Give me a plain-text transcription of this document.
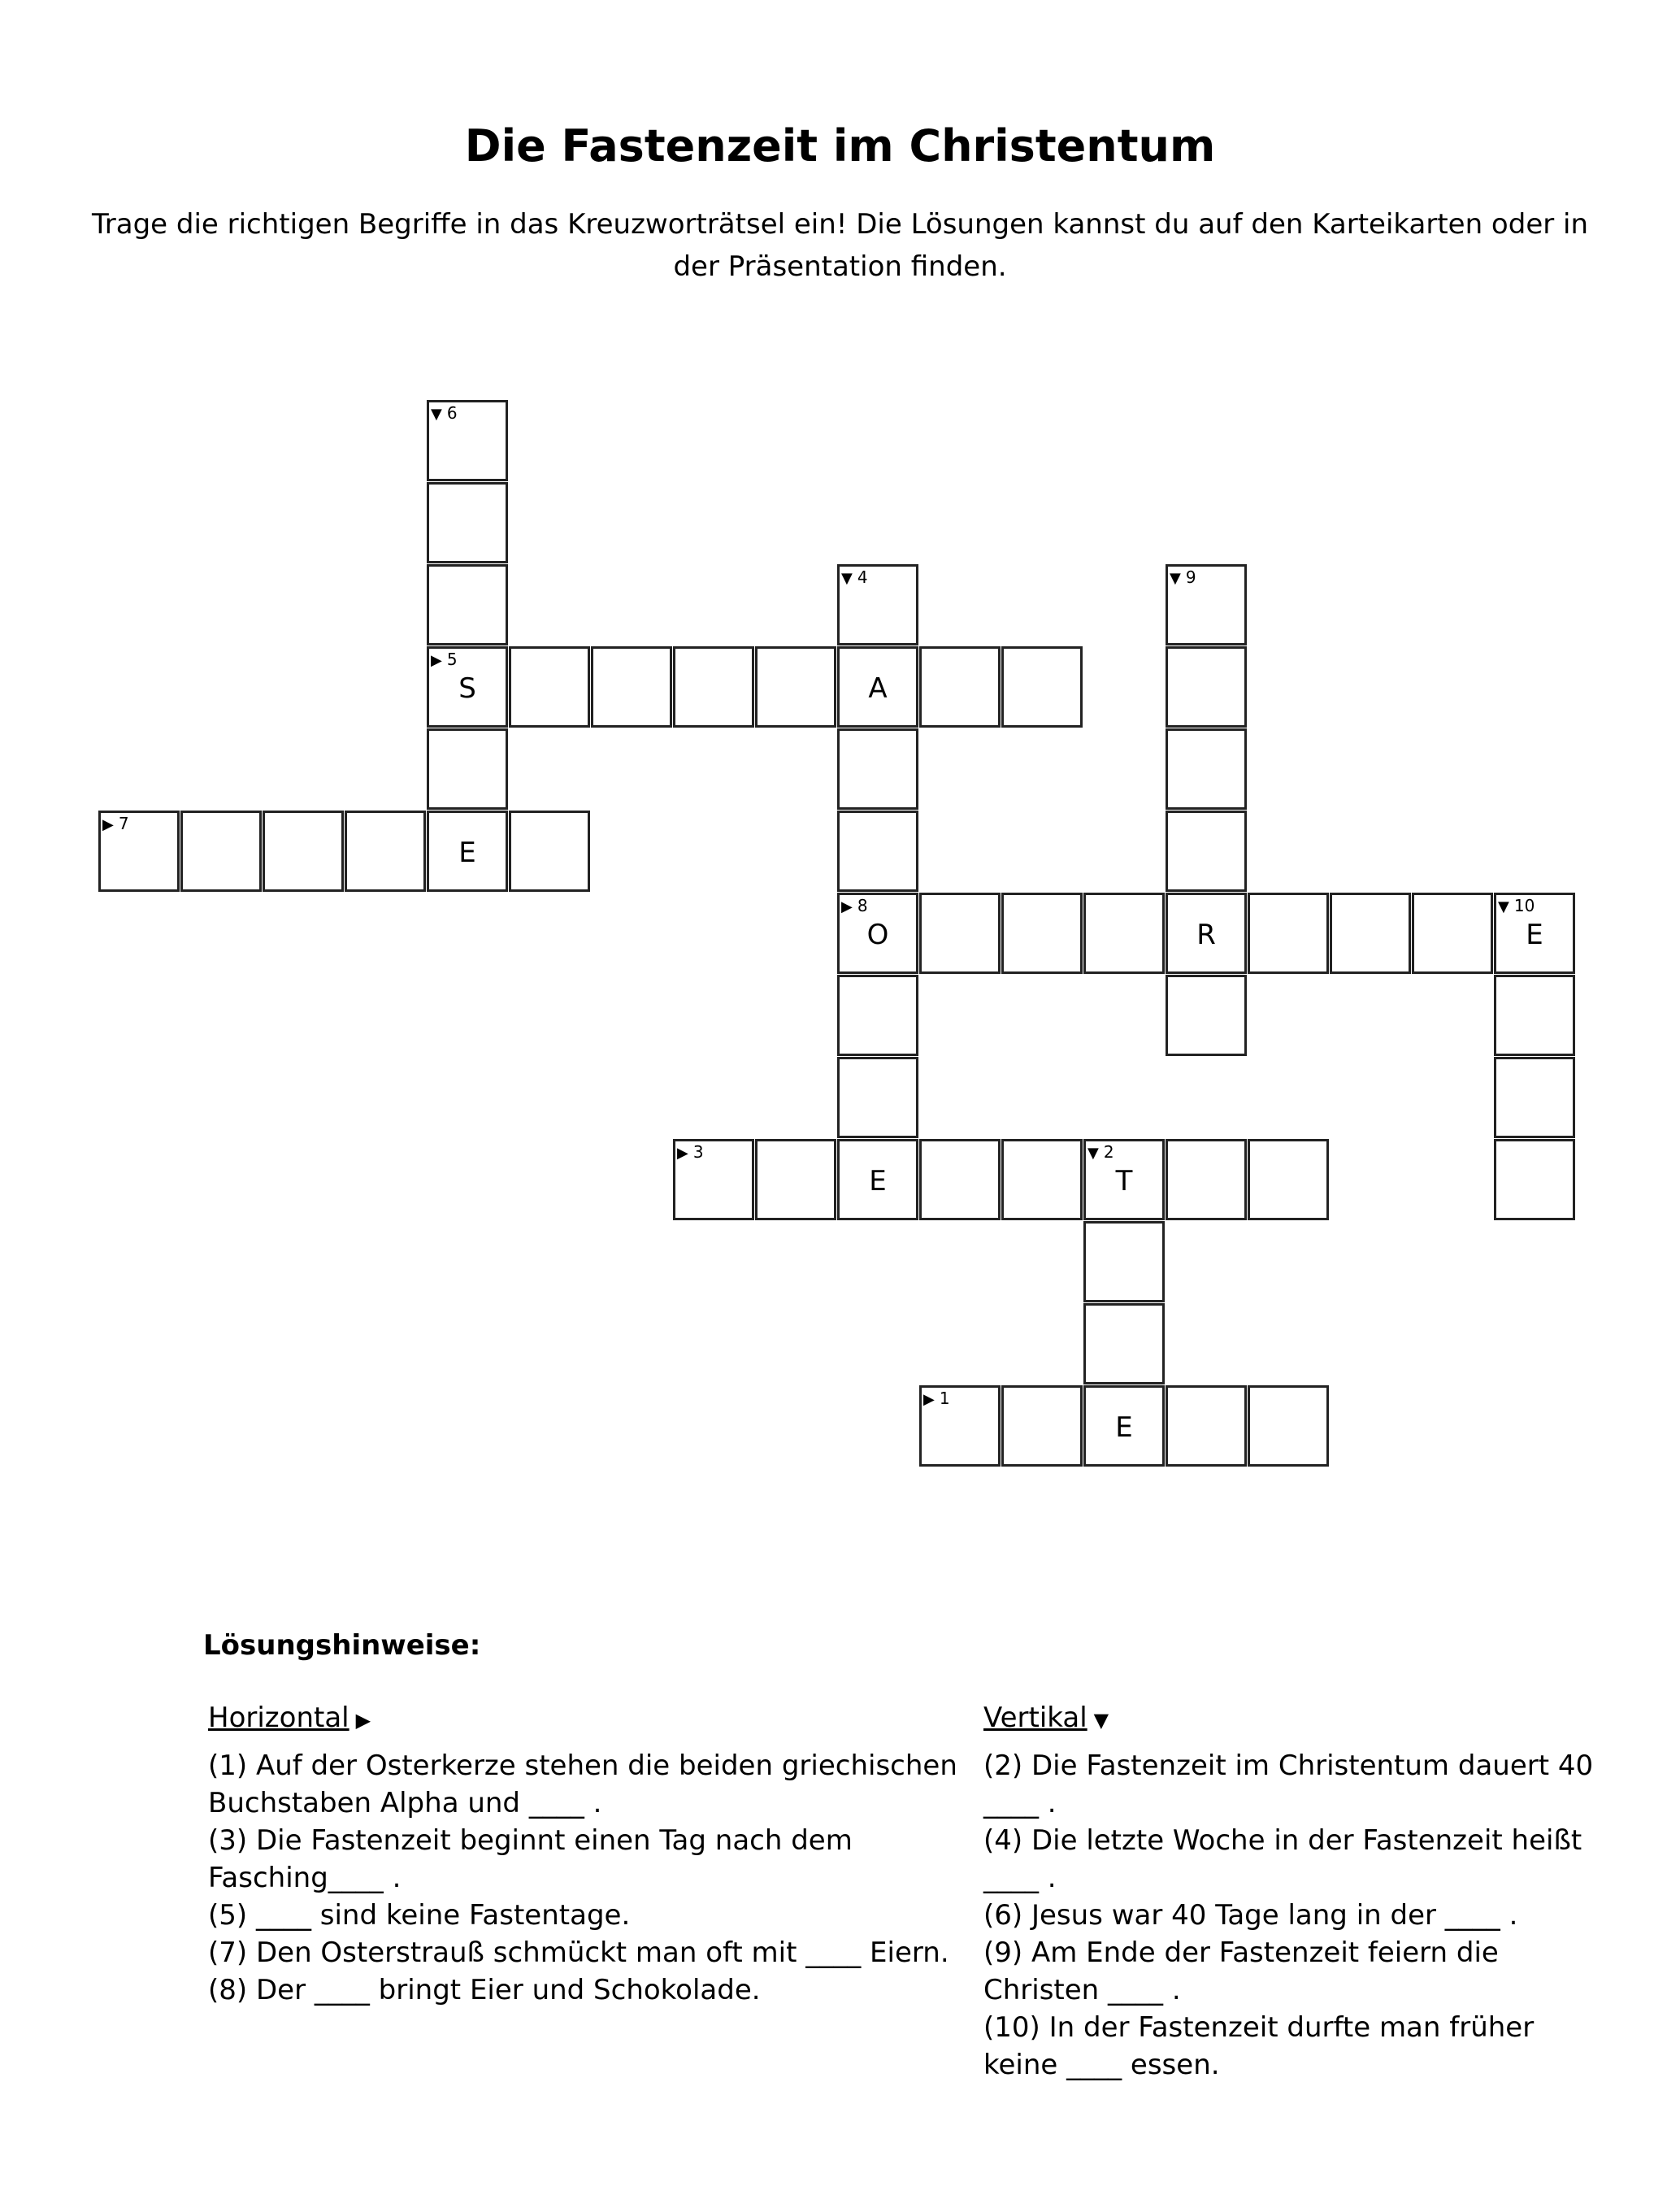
Die Fastenzeit im Christentum
Trage die richtigen Begriffe in das Kreuzworträtsel ein! Die Lösungen kannst du auf den Karteikarten oder in der Präsentation finden.
▼ 6
▼ 4	▼ 9
▶ 5
S	A
▶ 7
E
▶ 8
O	R
▼ 10
E
▶ 3
E
▼ 2
T
▶ 1
E
Lösungshinweise:
Horizontal ▶
(1) Auf der Osterkerze stehen die beiden griechischen Buchstaben Alpha und ____ .
(3) Die Fastenzeit beginnt einen Tag nach dem Fasching____ .
(5) ____ sind keine Fastentage.
(7) Den Osterstrauß schmückt man oft mit ____ Eiern.
(8) Der ____ bringt Eier und Schokolade.
Vertikal ▼
(2) Die Fastenzeit im Christentum dauert 40 ____ .
(4) Die letzte Woche in der Fastenzeit heißt ____ .
(6) Jesus war 40 Tage lang in der ____ .
(9) Am Ende der Fastenzeit feiern die Christen ____ .
(10) In der Fastenzeit durfte man früher keine ____ essen.
